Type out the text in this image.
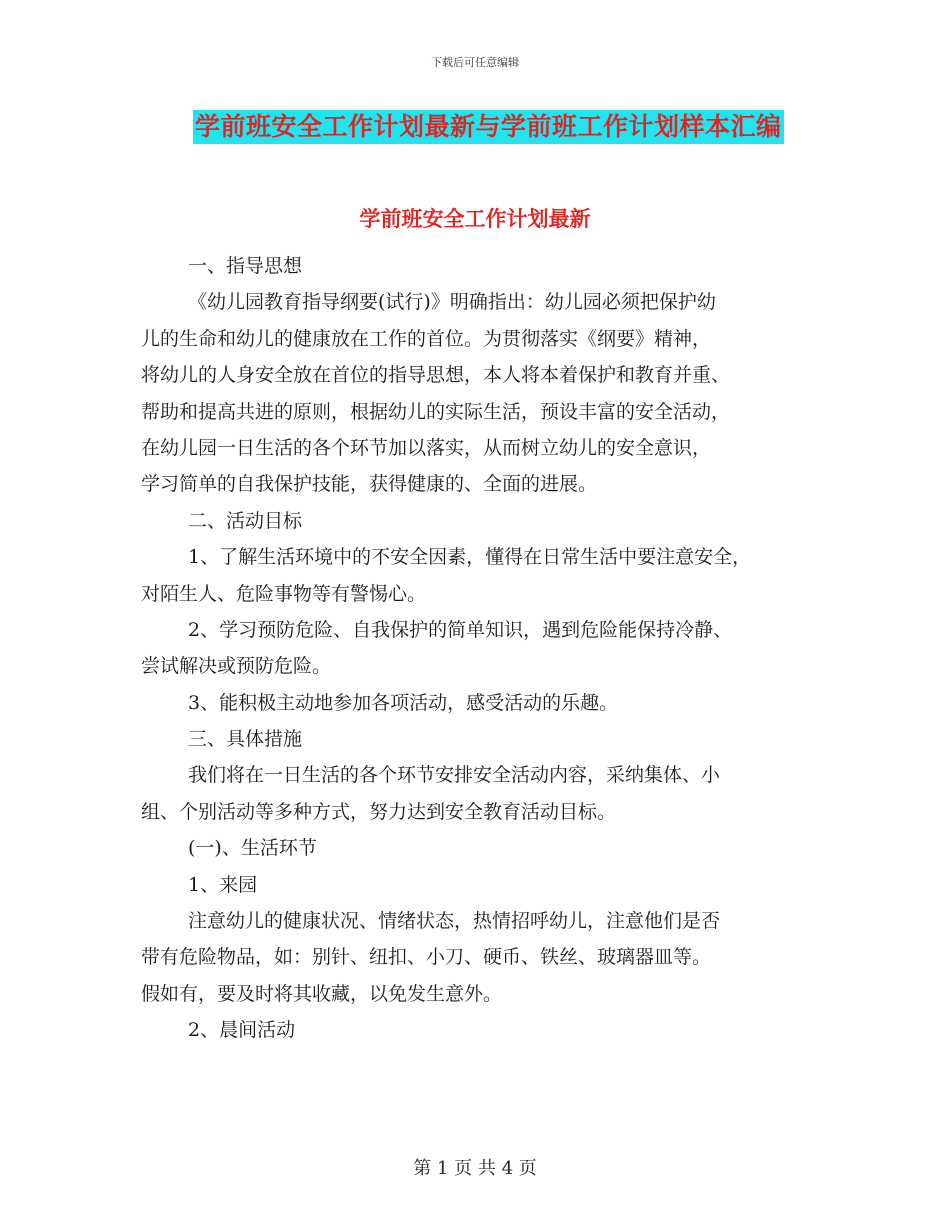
下载后可任意编辑
学前班安全工作计划最新与学前班工作计划样本汇编
学前班安全工作计划最新
一、指导思想
《幼儿园教育指导纲要(试行)》明确指出：幼儿园必须把保护幼
儿的生命和幼儿的健康放在工作的首位。为贯彻落实《纲要》精神，
将幼儿的人身安全放在首位的指导思想，本人将本着保护和教育并重、
帮助和提高共进的原则，根据幼儿的实际生活，预设丰富的安全活动，
在幼儿园一日生活的各个环节加以落实，从而树立幼儿的安全意识，
学习简单的自我保护技能，获得健康的、全面的进展。
二、活动目标
1、了解生活环境中的不安全因素，懂得在日常生活中要注意安全，
对陌生人、危险事物等有警惕心。
2、学习预防危险、自我保护的简单知识，遇到危险能保持冷静、
尝试解决或预防危险。
3、能积极主动地参加各项活动，感受活动的乐趣。
三、具体措施
我们将在一日生活的各个环节安排安全活动内容，采纳集体、小
组、个别活动等多种方式，努力达到安全教育活动目标。
(一)、生活环节
1、来园
注意幼儿的健康状况、情绪状态，热情招呼幼儿，注意他们是否
带有危险物品，如：别针、纽扣、小刀、硬币、铁丝、玻璃器皿等。
假如有，要及时将其收藏，以免发生意外。
2、晨间活动
第 1 页 共 4 页
